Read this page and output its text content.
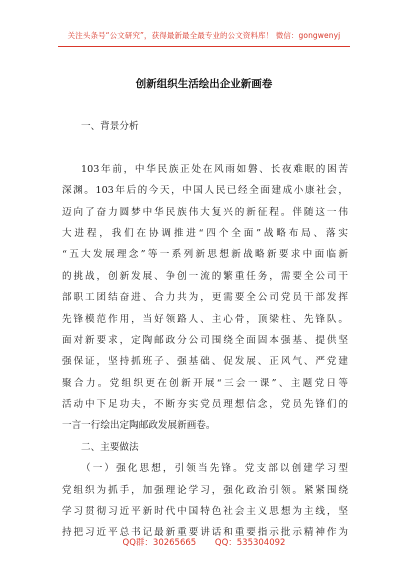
关注头条号“公文研究”，获得最新最全最专业的公文资料库！ 微信：gongwenyj
创新组织生活绘出企业新画卷
一、背景分析
103年前，中华民族正处在风雨如磐、长夜难眠的困苦
深渊。103年后的今天，中国人民已经全面建成小康社会，
迈向了奋力圆梦中华民族伟大复兴的新征程。伴随这一伟
大进程，我们在协调推进“四个全面”战略布局、落实
“五大发展理念”等一系列新思想新战略新要求中面临新
的挑战，创新发展、争创一流的繁重任务，需要全公司干
部职工团结奋进、合力共为，更需要全公司党员干部发挥
先锋模范作用，当好领路人、主心骨，顶梁柱、先锋队。
面对新要求，定陶邮政分公司围绕全面固本强基、提供坚
强保证，坚持抓班子、强基础、促发展、正风气、严党建
聚合力。党组织更在创新开展“三会一课”、主题党日等
活动中下足功夫，不断夯实党员理想信念，党员先锋们的
一言一行绘出定陶邮政发展新画卷。
二、主要做法
（一）强化思想，引领当先锋。党支部以创建学习型
党组织为抓手，加强理论学习，强化政治引领。紧紧围绕
学习贯彻习近平新时代中国特色社会主义思想为主线，坚
持把习近平总书记最新重要讲话和重要指示批示精神作为
QQ群：30265665 QQ：535304092
